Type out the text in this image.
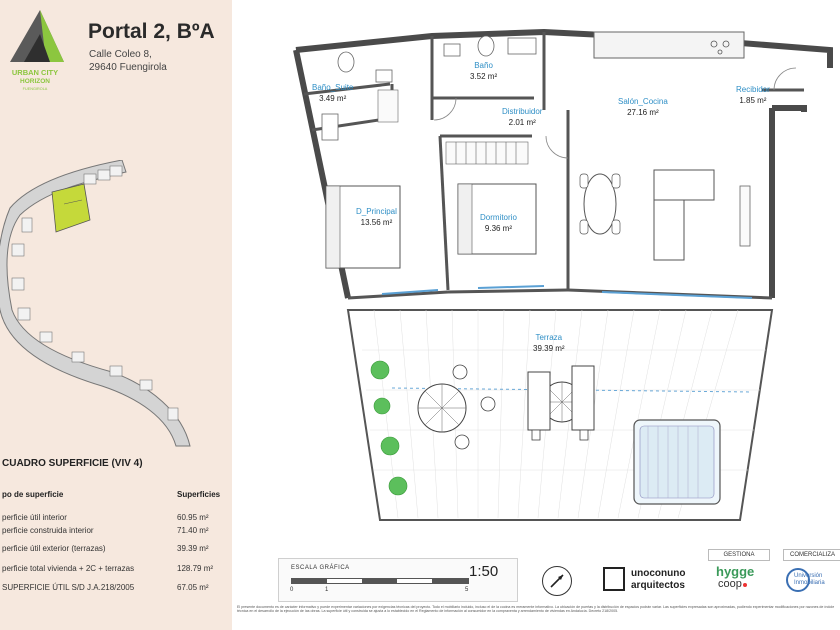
URBAN CITY
HORIZON
FUENGIROLA
Portal 2, BºA
Calle Coleo 8,
29640 Fuengirola
CUADRO SUPERFICIE (VIV 4)
po de superficie	Superficies
perficie útil interior	60.95 m²
perficie construida interior	71.40 m²
perficie útil exterior (terrazas)	39.39 m²
perficie total vivienda + 2C + terrazas	128.79 m²
SUPERFICIE ÚTIL S/D J.A.218/2005	67.05 m²
Baño_Suite
3.49 m²
Baño
3.52 m²
Distribuidor
2.01 m²
Salón_Cocina
27.16 m²
Recibidor
1.85 m²
D_Principal
13.56 m²
Dormitorio
9.36 m²
Terraza
39.39 m²
ESCALA GRÁFICA	1:50
0	1	5
unoconuno
arquitectos
GESTIONA	COMERCIALIZA
hygge
coop
Universión
Inmobiliaria
El presente documento es de carácter informativo y puede experimentar variaciones por exigencias técnicas del proyecto. Todo el mobiliario incluido, incluso el de la cocina es meramente informativo. La ubicación de puertas y la distribución de espacios podrán variar. Las superficies expresadas son aproximadas, pudiendo experimentar modificaciones por razones de índole técnica en el desarrollo de la ejecución de las obras. La superficie útil y construida se ajusta a lo establecido en el Reglamento de información al consumidor en la compraventa y arrendamiento de viviendas en Andalucía. Decreto 218/2005.
